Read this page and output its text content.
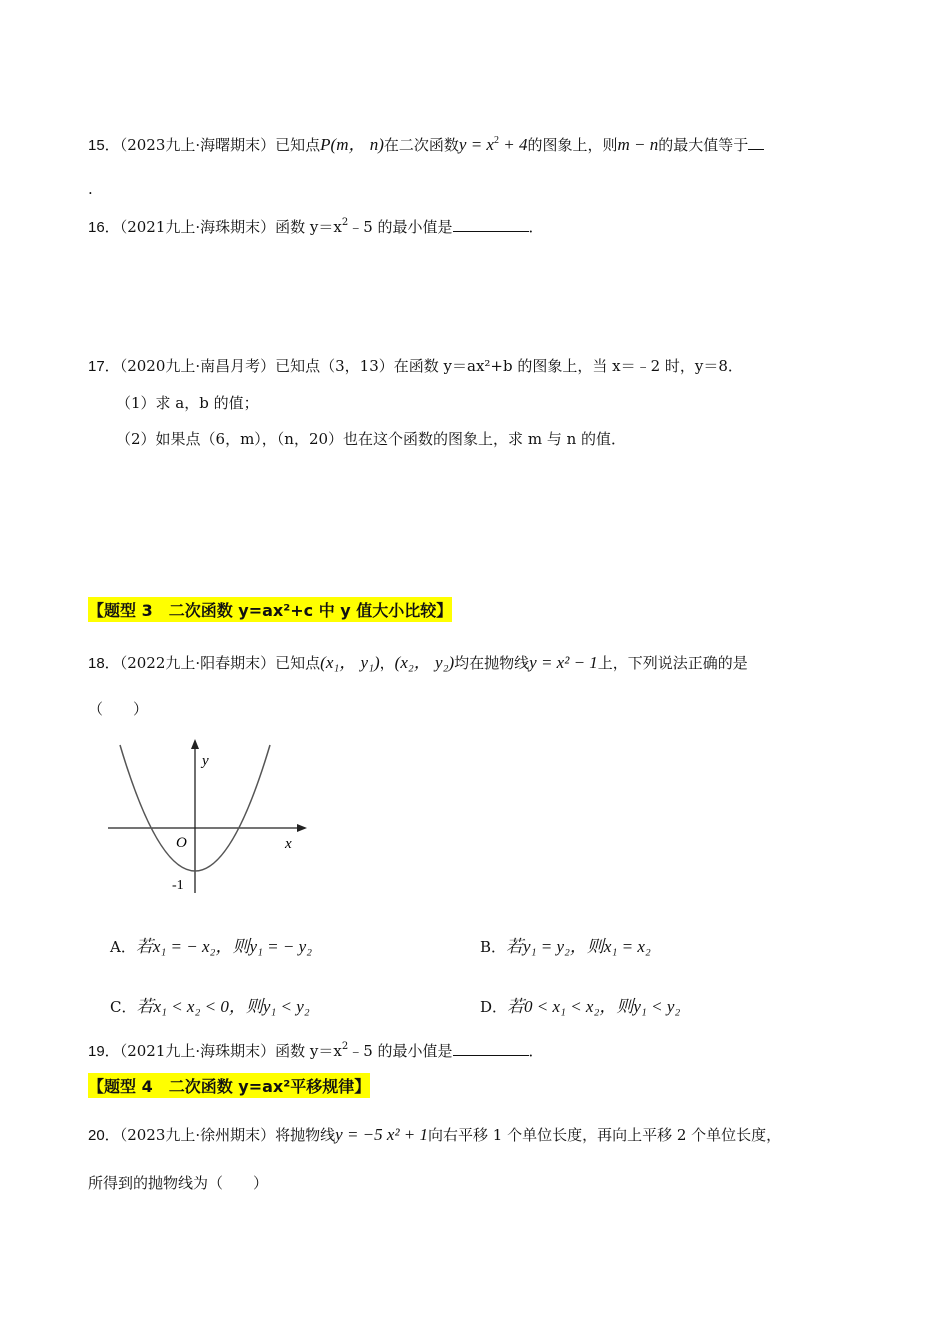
15．（2023九上·海曙期末）已知点P(m， n)在二次函数$y = x^2 + 4$的图象上，则m − n的最大值等于
.
16．（2021九上·海珠期末）函数 $y=x^2﹣5$ 的最小值是	．
17．（2020九上·南昌月考）已知点（3，13）在函数 y＝ax²+b 的图象上，当 x＝﹣2 时，y＝8．
（1）求 a，b 的值；
（2）如果点（6，m），（n，20）也在这个函数的图象上，求 m 与 n 的值．
【题型 3　二次函数 y=ax²+c 中 y 值大小比较】
18．（2022九上·阳春期末）已知点(x₁， y₁)，(x₂， y₂)均在抛物线y = x² − 1上，下列说法正确的是
（　　）
y
x
O
-1
A．若x₁ = − x₂，则y₁ = − y₂	B．若y₁ = y₂，则x₁ = x₂
C．若x₁ < x₂ < 0，则y₁ < y₂	D．若0 < x₁ < x₂，则y₁ < y₂
19．（2021九上·海珠期末）函数 $y=x^2﹣5$ 的最小值是	．
【题型 4　二次函数 y=ax²平移规律】
20．（2023九上·徐州期末）将抛物线y = −5 x² + 1向右平移 1 个单位长度，再向上平移 2 个单位长度，
所得到的抛物线为（　　）
